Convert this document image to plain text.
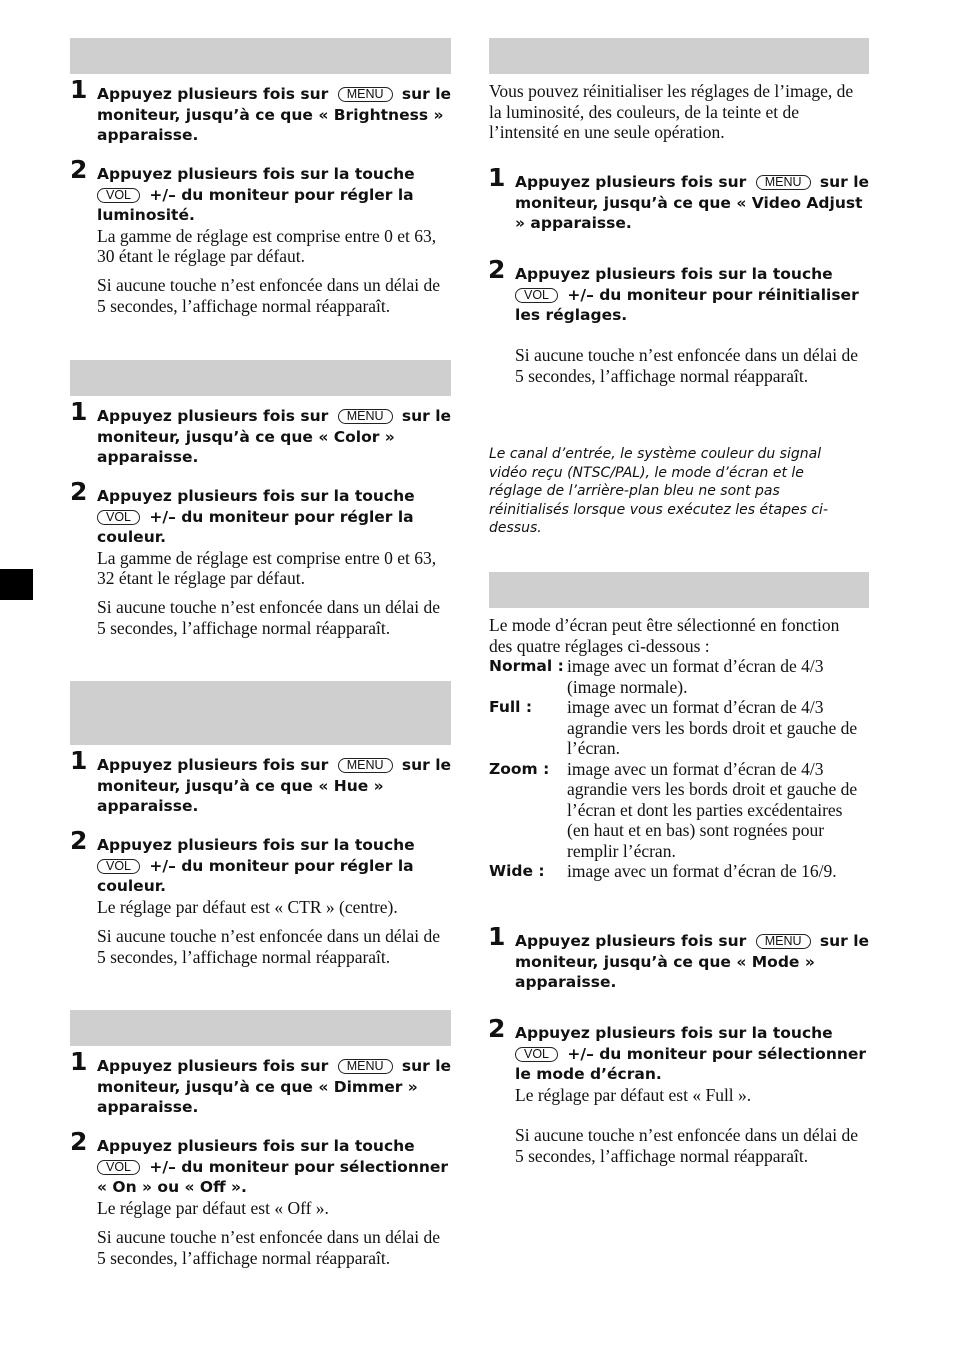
1 Appuyez plusieurs fois sur MENU sur le moniteur, jusqu’à ce que « Brightness » apparaisse.

2 Appuyez plusieurs fois sur la touche
VOL +/– du moniteur pour régler la luminosité.

La gamme de réglage est comprise entre 0 et 63, 30 étant le réglage par défaut.

Si aucune touche n’est enfoncée dans un délai de 5 secondes, l’affichage normal réapparaît.

1 Appuyez plusieurs fois sur MENU sur le moniteur, jusqu’à ce que « Color » apparaisse.

2 Appuyez plusieurs fois sur la touche
VOL +/– du moniteur pour régler la couleur.

La gamme de réglage est comprise entre 0 et 63, 32 étant le réglage par défaut.

Si aucune touche n’est enfoncée dans un délai de 5 secondes, l’affichage normal réapparaît.

1 Appuyez plusieurs fois sur MENU sur le moniteur, jusqu’à ce que « Hue » apparaisse.

2 Appuyez plusieurs fois sur la touche
VOL +/– du moniteur pour régler la couleur.

Le réglage par défaut est « CTR » (centre).

Si aucune touche n’est enfoncée dans un délai de 5 secondes, l’affichage normal réapparaît.

1 Appuyez plusieurs fois sur MENU sur le moniteur, jusqu’à ce que « Dimmer » apparaisse.

2 Appuyez plusieurs fois sur la touche
VOL +/– du moniteur pour sélectionner « On » ou « Off ».

Le réglage par défaut est « Off ».

Si aucune touche n’est enfoncée dans un délai de 5 secondes, l’affichage normal réapparaît.

Vous pouvez réinitialiser les réglages de l’image, de la luminosité, des couleurs, de la teinte et de l’intensité en une seule opération.

1 Appuyez plusieurs fois sur MENU sur le moniteur, jusqu’à ce que « Video Adjust » apparaisse.

2 Appuyez plusieurs fois sur la touche
VOL +/– du moniteur pour réinitialiser les réglages.

Si aucune touche n’est enfoncée dans un délai de 5 secondes, l’affichage normal réapparaît.

Le canal d’entrée, le système couleur du signal vidéo reçu (NTSC/PAL), le mode d’écran et le réglage de l’arrière-plan bleu ne sont pas réinitialisés lorsque vous exécutez les étapes ci-dessus.

Le mode d’écran peut être sélectionné en fonction des quatre réglages ci-dessous :

Normal : image avec un format d’écran de 4/3 (image normale).
Full :	image avec un format d’écran de 4/3 agrandie vers les bords droit et gauche de l’écran.
Zoom :	image avec un format d’écran de 4/3 agrandie vers les bords droit et gauche de l’écran et dont les parties excédentaires (en haut et en bas) sont rognées pour remplir l’écran.
Wide :	image avec un format d’écran de 16/9.
1 Appuyez plusieurs fois sur MENU sur le moniteur, jusqu’à ce que « Mode » apparaisse.

2 Appuyez plusieurs fois sur la touche
VOL +/– du moniteur pour sélectionner le mode d’écran.

Le réglage par défaut est « Full ».

Si aucune touche n’est enfoncée dans un délai de 5 secondes, l’affichage normal réapparaît.
